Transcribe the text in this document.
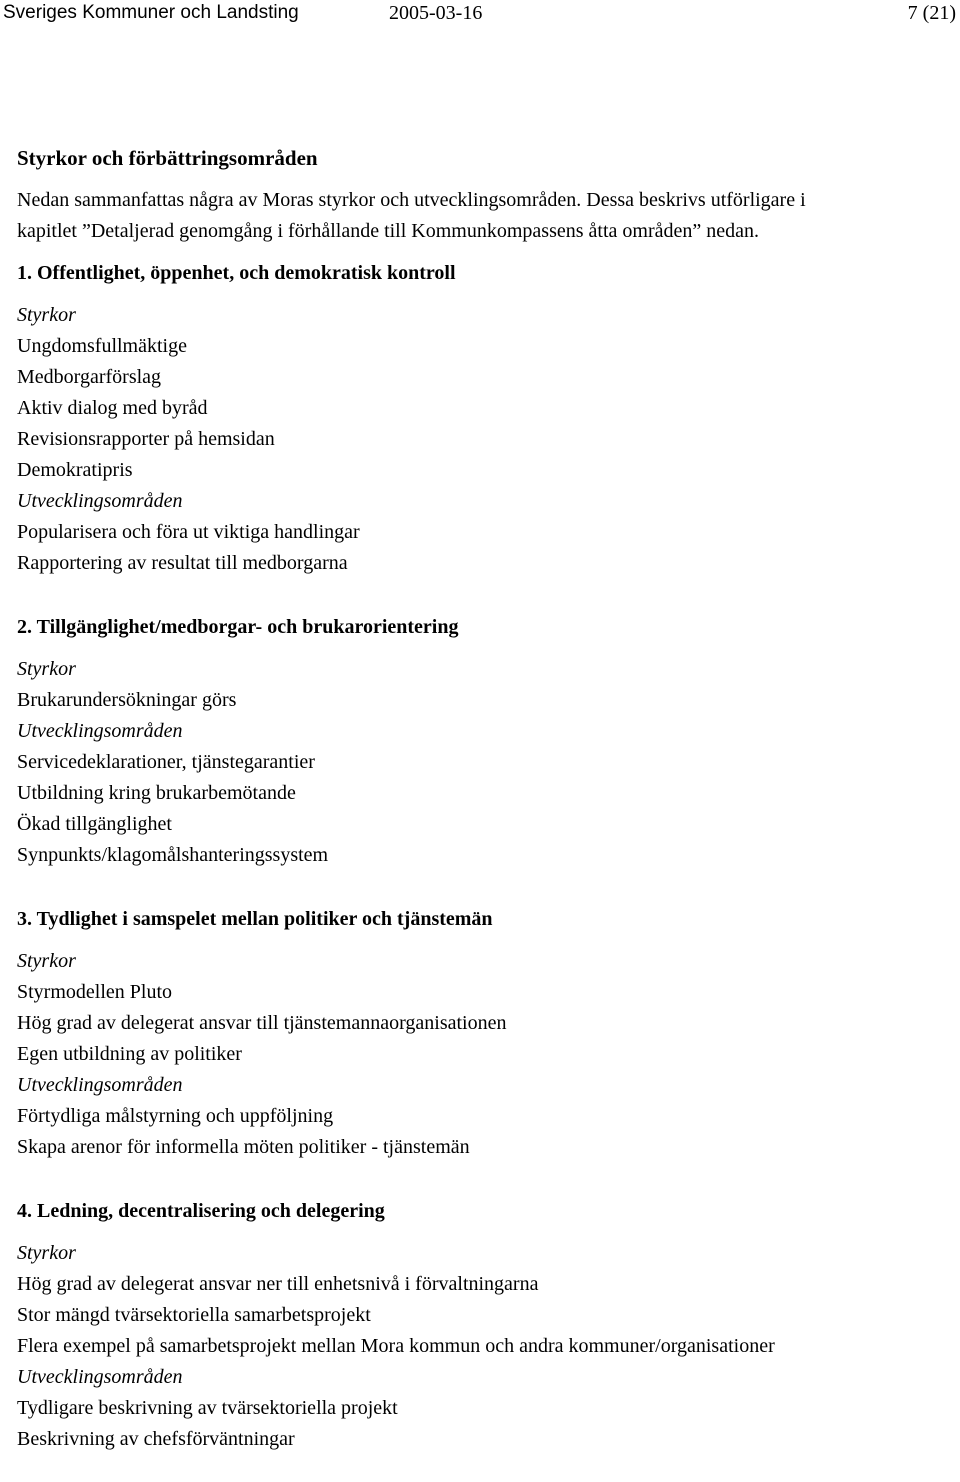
Sveriges Kommuner och Landsting	2005-03-16	7 (21)

Styrkor och förbättringsområden

Nedan sammanfattas några av Moras styrkor och utvecklingsområden. Dessa beskrivs utförligare i

kapitlet ”Detaljerad genomgång i förhållande till Kommunkompassens åtta områden” nedan.

1. Offentlighet, öppenhet, och demokratisk kontroll

Styrkor

Ungdomsfullmäktige

Medborgarförslag

Aktiv dialog med byråd

Revisionsrapporter på hemsidan

Demokratipris

Utvecklingsområden

Popularisera och föra ut viktiga handlingar

Rapportering av resultat till medborgarna

2. Tillgänglighet/medborgar- och brukarorientering

Styrkor

Brukarundersökningar görs

Utvecklingsområden

Servicedeklarationer, tjänstegarantier

Utbildning kring brukarbemötande

Ökad tillgänglighet

Synpunkts/klagomålshanteringssystem

3. Tydlighet i samspelet mellan politiker och tjänstemän

Styrkor

Styrmodellen Pluto

Hög grad av delegerat ansvar till tjänstemannaorganisationen

Egen utbildning av politiker

Utvecklingsområden

Förtydliga målstyrning och uppföljning

Skapa arenor för informella möten politiker - tjänstemän

4. Ledning, decentralisering och delegering

Styrkor

Hög grad av delegerat ansvar ner till enhetsnivå i förvaltningarna

Stor mängd tvärsektoriella samarbetsprojekt

Flera exempel på samarbetsprojekt mellan Mora kommun och andra kommuner/organisationer

Utvecklingsområden

Tydligare beskrivning av tvärsektoriella projekt

Beskrivning av chefsförväntningar
